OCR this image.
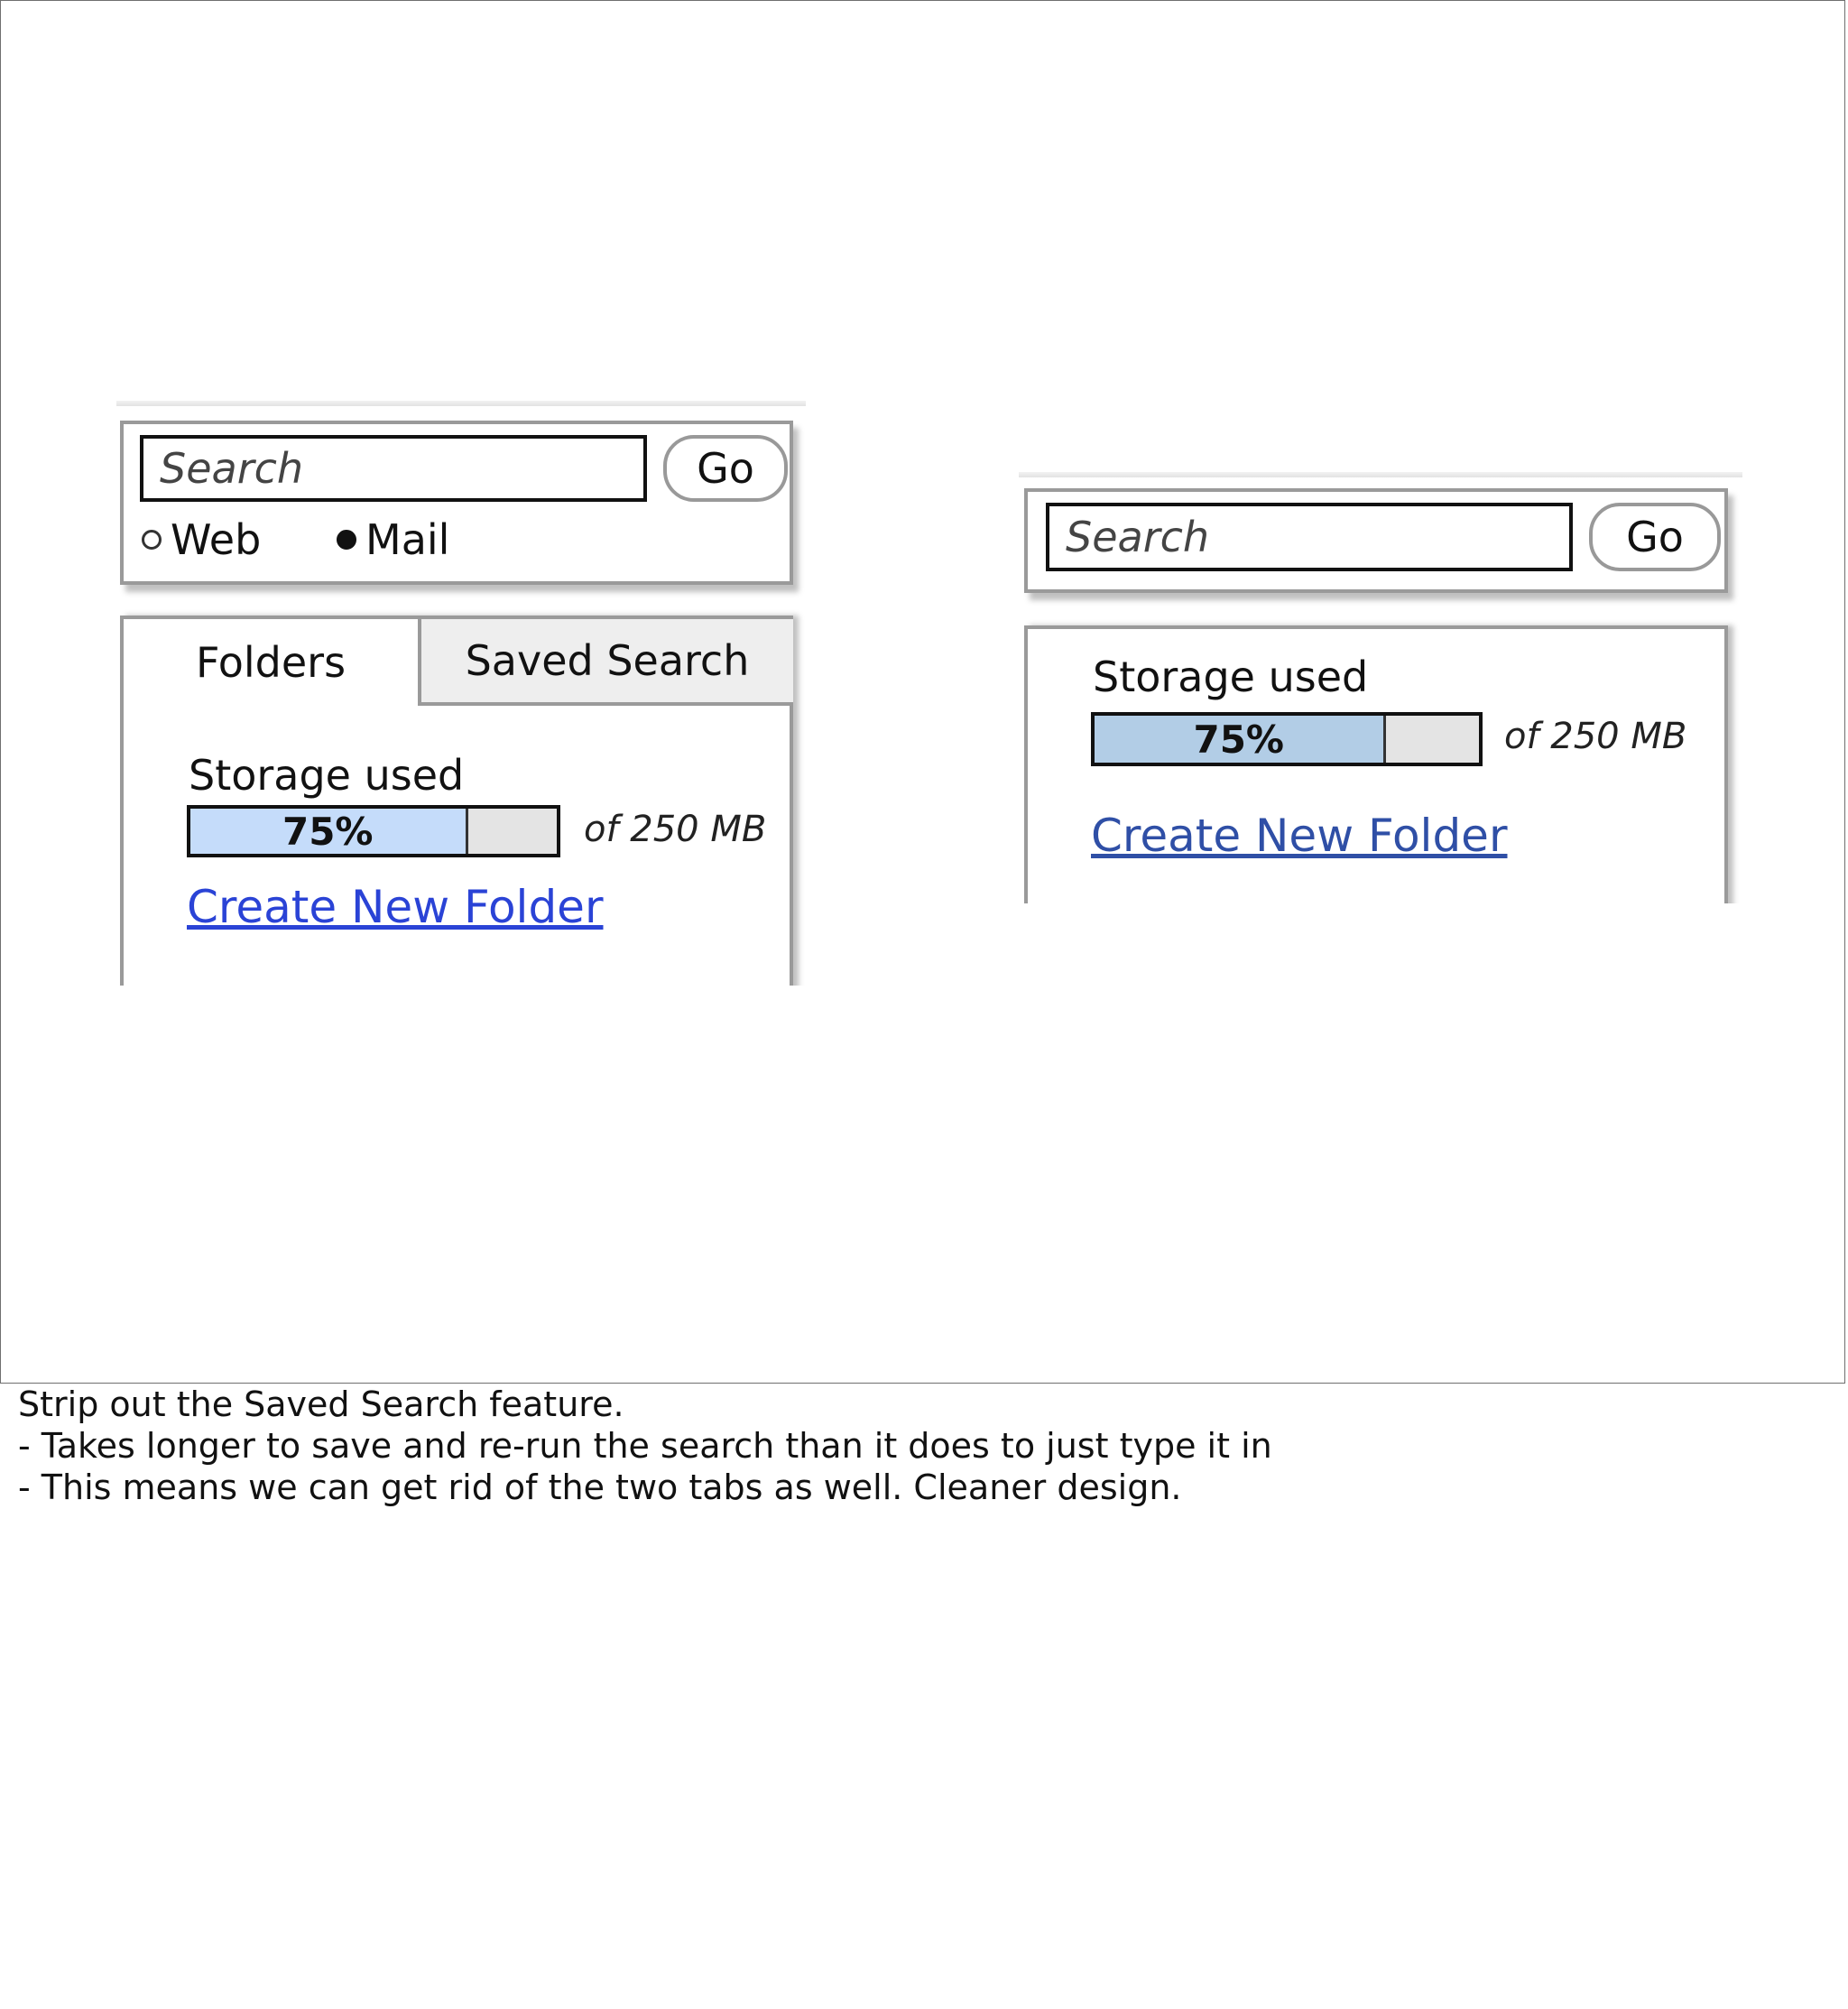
Search
Go
Web	Mail
Folders	Saved Search
Storage used
75%	of 250 MB
Create New Folder
Search
Go
Storage used
75%	of 250 MB
Create New Folder
Strip out the Saved Search feature.
- Takes longer to save and re-run the search than it does to just type it in
- This means we can get rid of the two tabs as well. Cleaner design.
